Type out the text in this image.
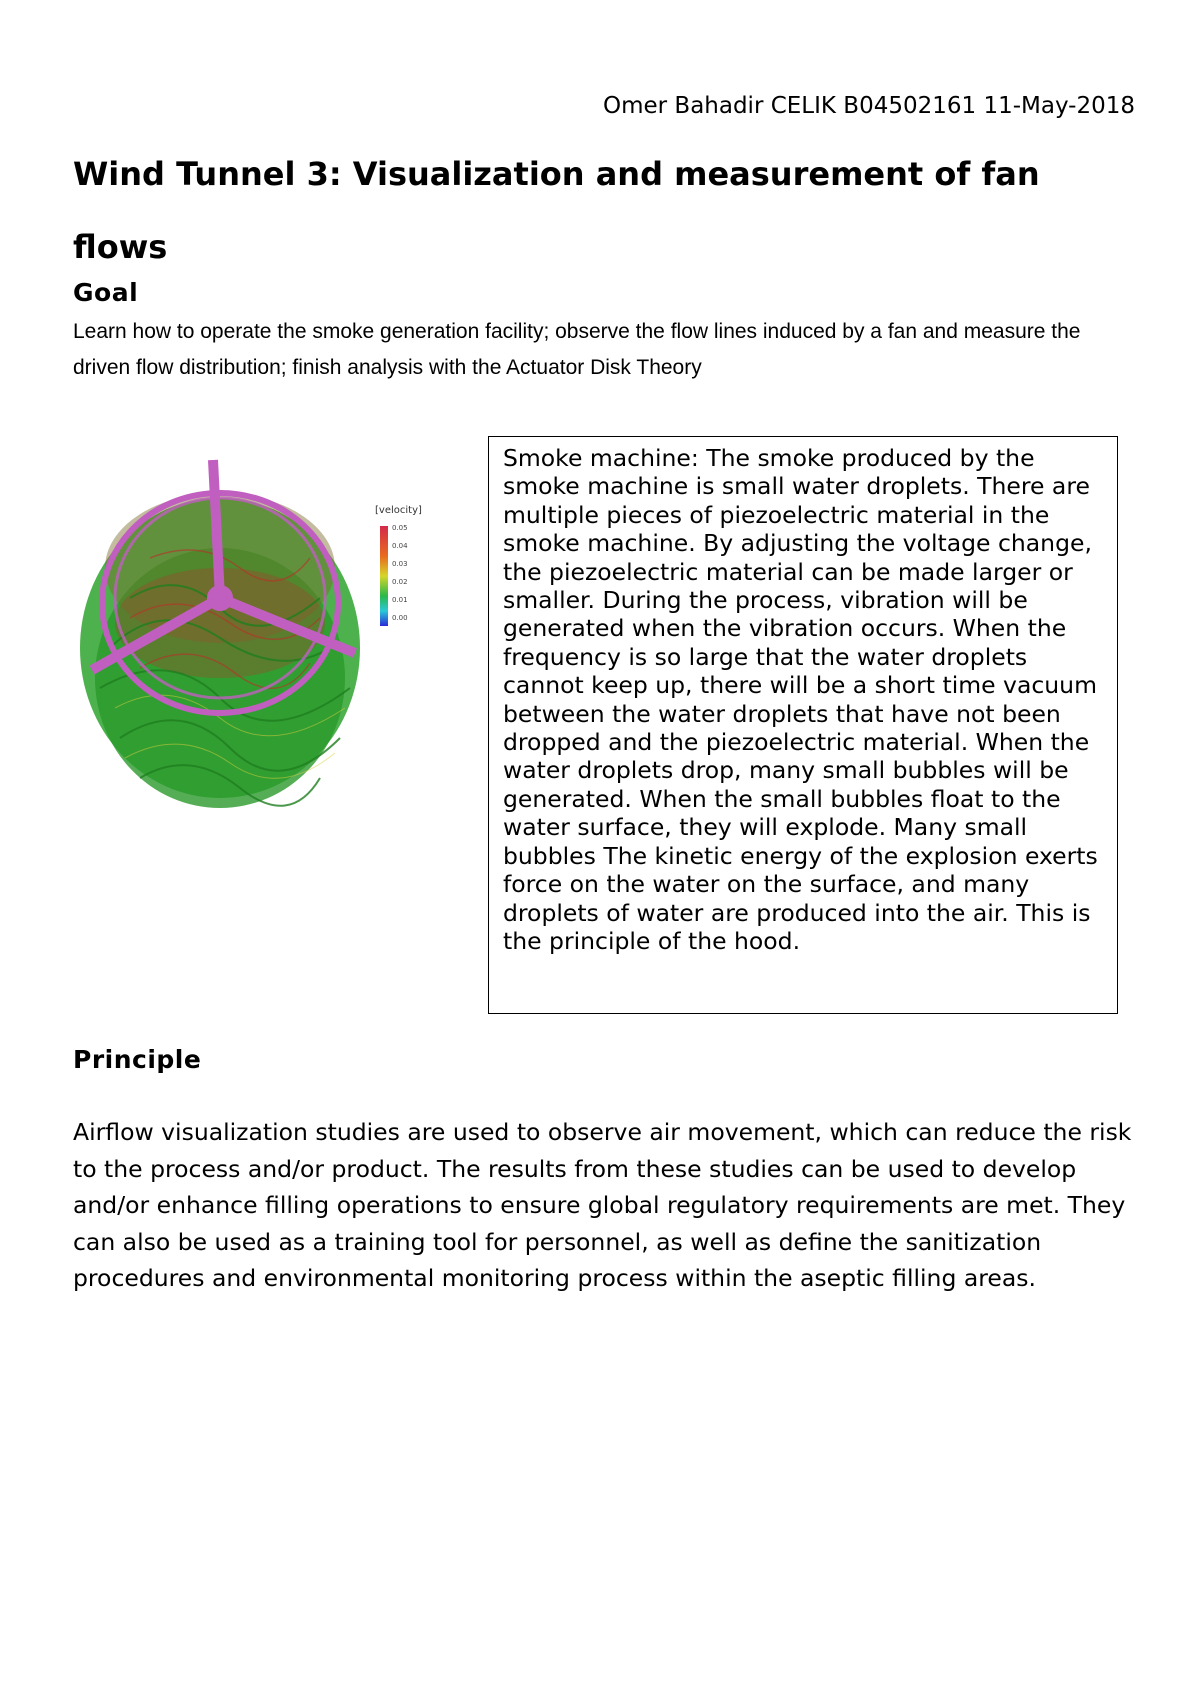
Omer Bahadir CELIK B04502161 11-May-2018
Wind Tunnel 3: Visualization and measurement of fan flows
Goal

Learn how to operate the smoke generation facility; observe the flow lines induced by a fan and measure the driven flow distribution; finish analysis with the Actuator Disk Theory

[velocity]
0.05
0.04
0.03
0.02
0.01
0.00

Smoke machine: The smoke produced by the smoke machine is small water droplets. There are multiple pieces of piezoelectric material in the smoke machine. By adjusting the voltage change, the piezoelectric material can be made larger or smaller. During the process, vibration will be generated when the vibration occurs. When the frequency is so large that the water droplets cannot keep up, there will be a short time vacuum between the water droplets that have not been dropped and the piezoelectric material. When the water droplets drop, many small bubbles will be generated. When the small bubbles float to the water surface, they will explode. Many small bubbles The kinetic energy of the explosion exerts force on the water on the surface, and many droplets of water are produced into the air. This is the principle of the hood.

Principle

Airflow visualization studies are used to observe air movement, which can reduce the risk to the process and/or product. The results from these studies can be used to develop and/or enhance filling operations to ensure global regulatory requirements are met. They can also be used as a training tool for personnel, as well as define the sanitization procedures and environmental monitoring process within the aseptic filling areas.
